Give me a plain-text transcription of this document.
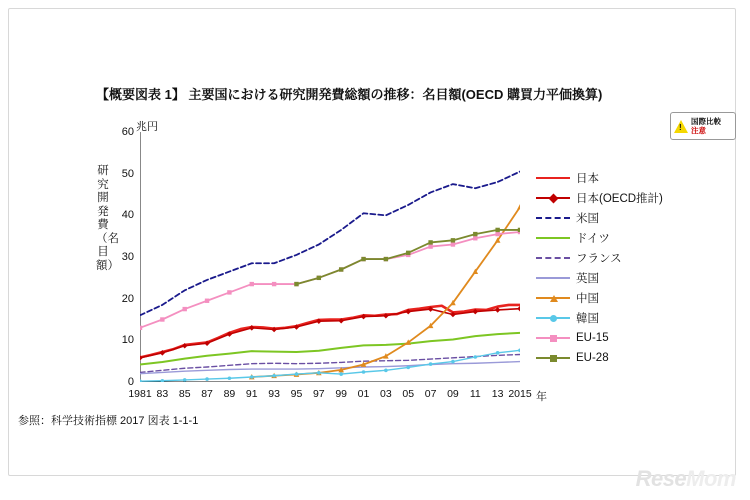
【概要図表 1】 主要国における研究開発費総額の推移：名目額(OECD 購買力平価換算)
兆円
研究開発費（名目額）
!
国際比較
注意
0
10
20
30
40
50
60
1981 83 85 87 89 91 93 95 97 99 01 03 05 07 09 11 13 2015 年
日本
日本(OECD推計)
米国
ドイツ
フランス
英国
中国
韓国
EU-15
EU-28
参照：科学技術指標 2017 図表 1-1-1
ReseMom
